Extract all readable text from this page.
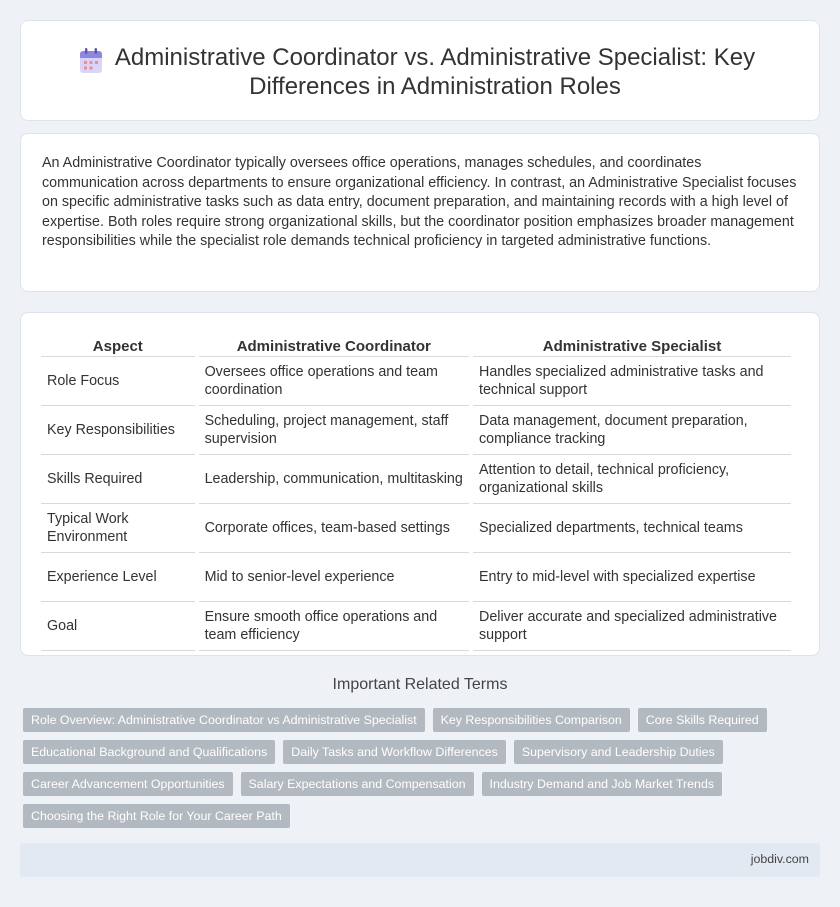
Administrative Coordinator vs. Administrative Specialist: Key Differences in Administration Roles

An Administrative Coordinator typically oversees office operations, manages schedules, and coordinates communication across departments to ensure organizational efficiency. In contrast, an Administrative Specialist focuses on specific administrative tasks such as data entry, document preparation, and maintaining records with a high level of expertise. Both roles require strong organizational skills, but the coordinator position emphasizes broader management responsibilities while the specialist role demands technical proficiency in targeted administrative functions.

Aspect	Administrative Coordinator	Administrative Specialist
Role Focus	Oversees office operations and team coordination	Handles specialized administrative tasks and technical support
Key Responsibilities	Scheduling, project management, staff supervision	Data management, document preparation, compliance tracking
Skills Required	Leadership, communication, multitasking	Attention to detail, technical proficiency, organizational skills
Typical Work Environment	Corporate offices, team-based settings	Specialized departments, technical teams
Experience Level	Mid to senior-level experience	Entry to mid-level with specialized expertise
Goal	Ensure smooth office operations and team efficiency	Deliver accurate and specialized administrative support
Important Related Terms
Role Overview: Administrative Coordinator vs Administrative Specialist	Key Responsibilities Comparison	Core Skills Required
Educational Background and Qualifications	Daily Tasks and Workflow Differences	Supervisory and Leadership Duties
Career Advancement Opportunities	Salary Expectations and Compensation	Industry Demand and Job Market Trends
Choosing the Right Role for Your Career Path
jobdiv.com
